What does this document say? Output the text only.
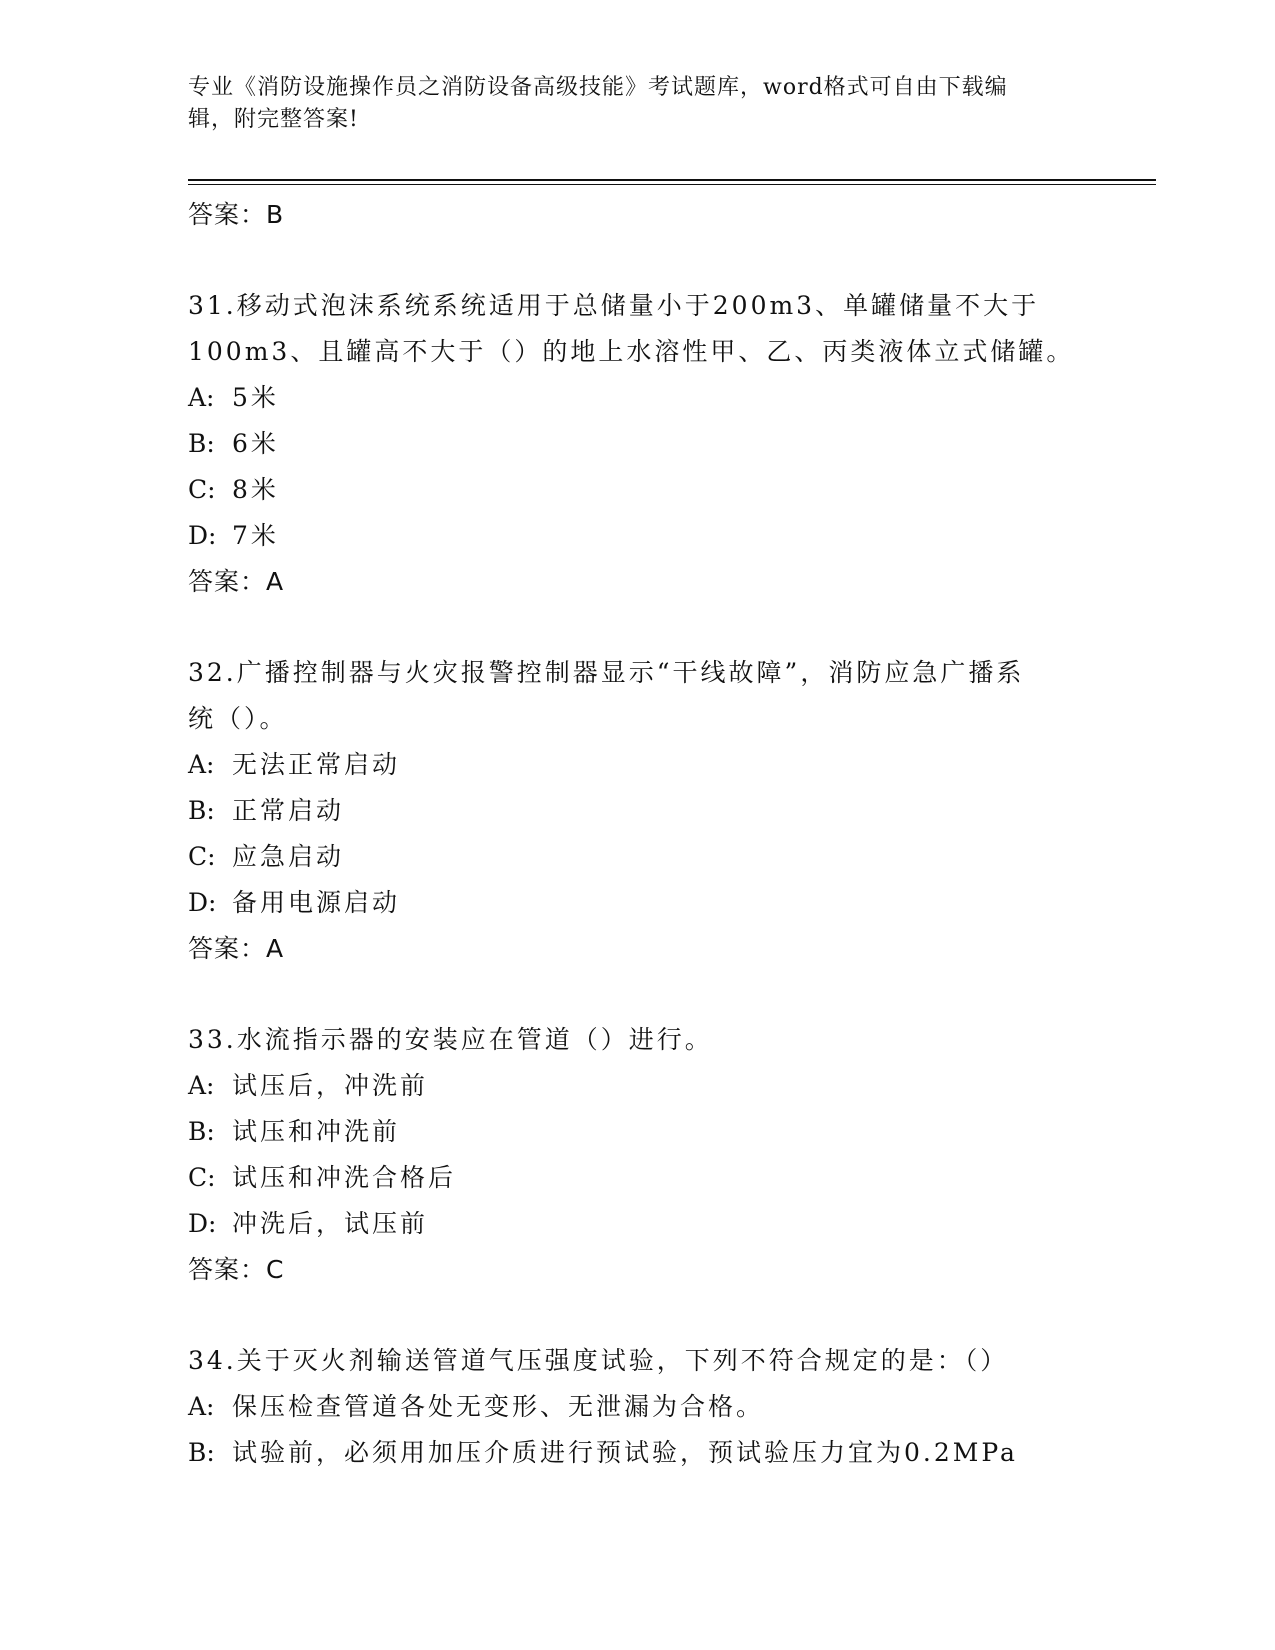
专业《消防设施操作员之消防设备高级技能》考试题库，word格式可自由下载编
辑，附完整答案!
答案：B
31.移动式泡沫系统系统适用于总储量小于200m3、单罐储量不大于
100m3、且罐高不大于（）的地上水溶性甲、乙、丙类液体立式储罐。
A: 5米
B: 6米
C: 8米
D: 7米
答案：A
32.广播控制器与火灾报警控制器显示“干线故障”，消防应急广播系
统（）。
A: 无法正常启动
B: 正常启动
C: 应急启动
D: 备用电源启动
答案：A
33.水流指示器的安装应在管道（）进行。
A: 试压后，冲洗前
B: 试压和冲洗前
C: 试压和冲洗合格后
D: 冲洗后，试压前
答案：C
34.关于灭火剂输送管道气压强度试验，下列不符合规定的是：（）
A: 保压检查管道各处无变形、无泄漏为合格。
B: 试验前，必须用加压介质进行预试验，预试验压力宜为0.2MPa
